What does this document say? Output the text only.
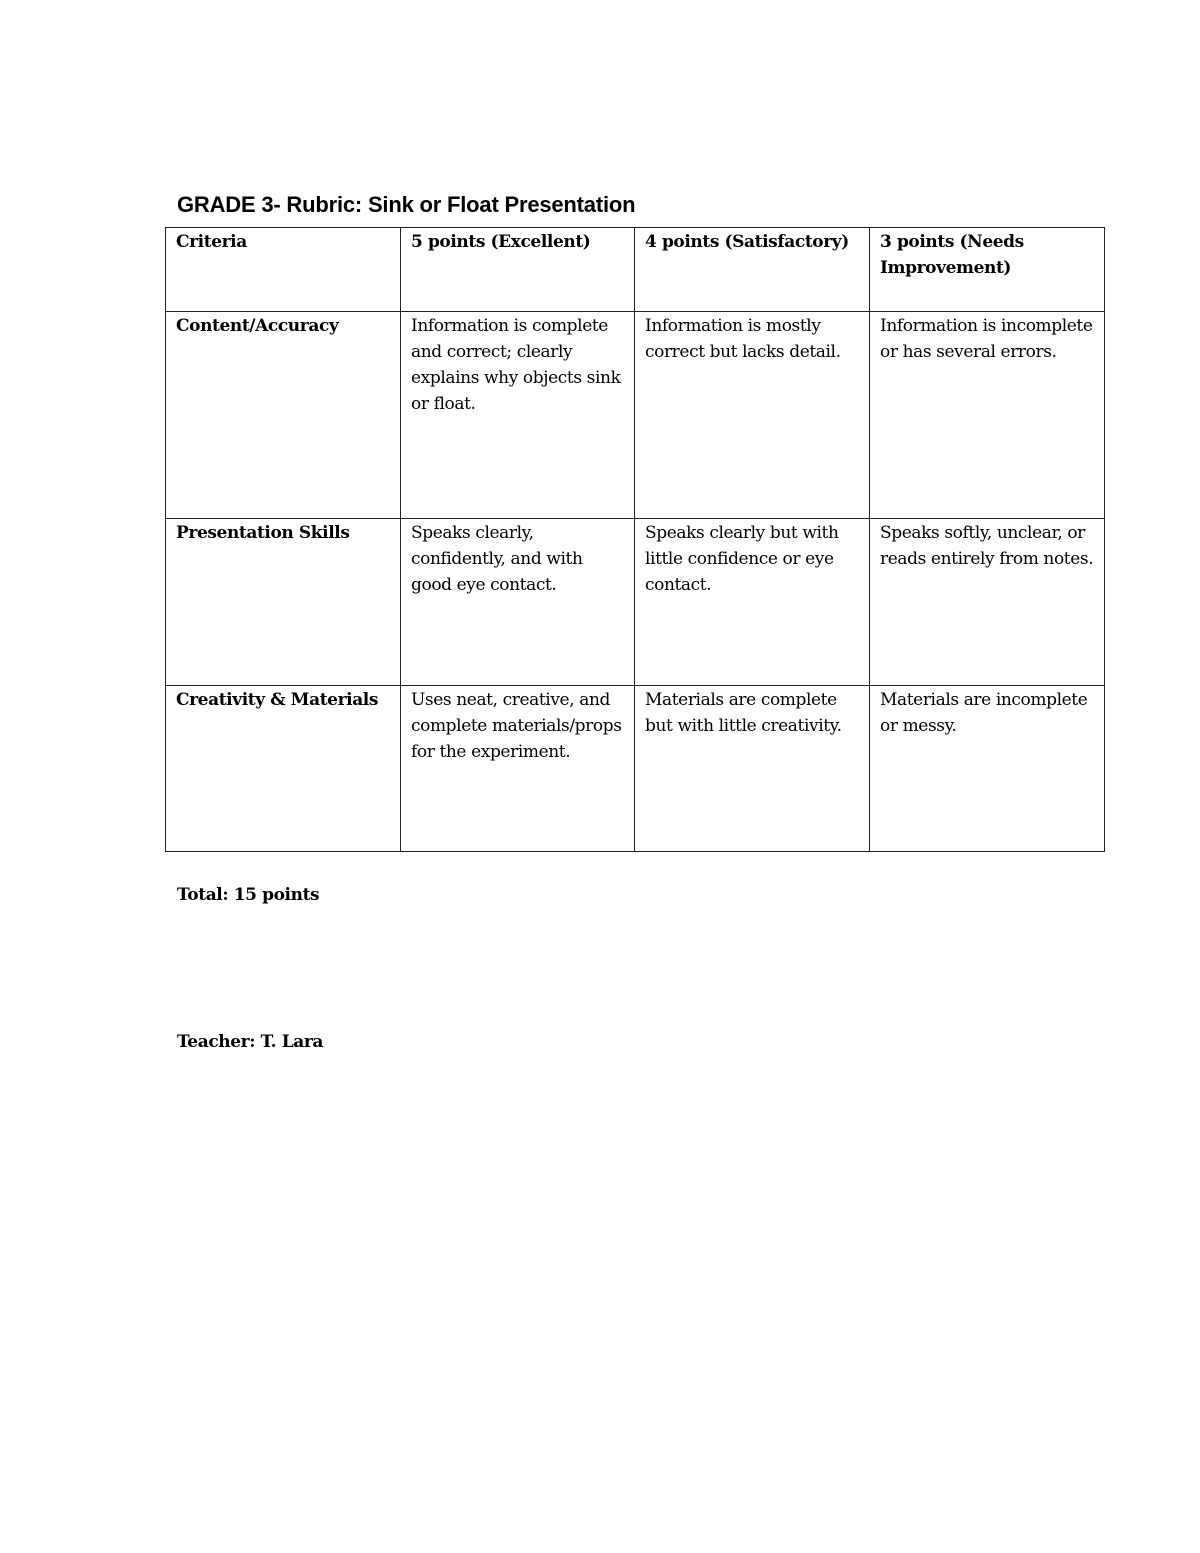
GRADE 3- Rubric: Sink or Float Presentation
Criteria	5 points (Excellent)	4 points (Satisfactory)	3 points (Needs Improvement)
Content/Accuracy	Information is complete and correct; clearly explains why objects sink or float.	Information is mostly correct but lacks detail.	Information is incomplete or has several errors.
Presentation Skills	Speaks clearly, confidently, and with good eye contact.	Speaks clearly but with little confidence or eye contact.	Speaks softly, unclear, or reads entirely from notes.
Creativity & Materials	Uses neat, creative, and complete materials/props for the experiment.	Materials are complete but with little creativity.	Materials are incomplete or messy.

Total: 15 points

Teacher: T. Lara
